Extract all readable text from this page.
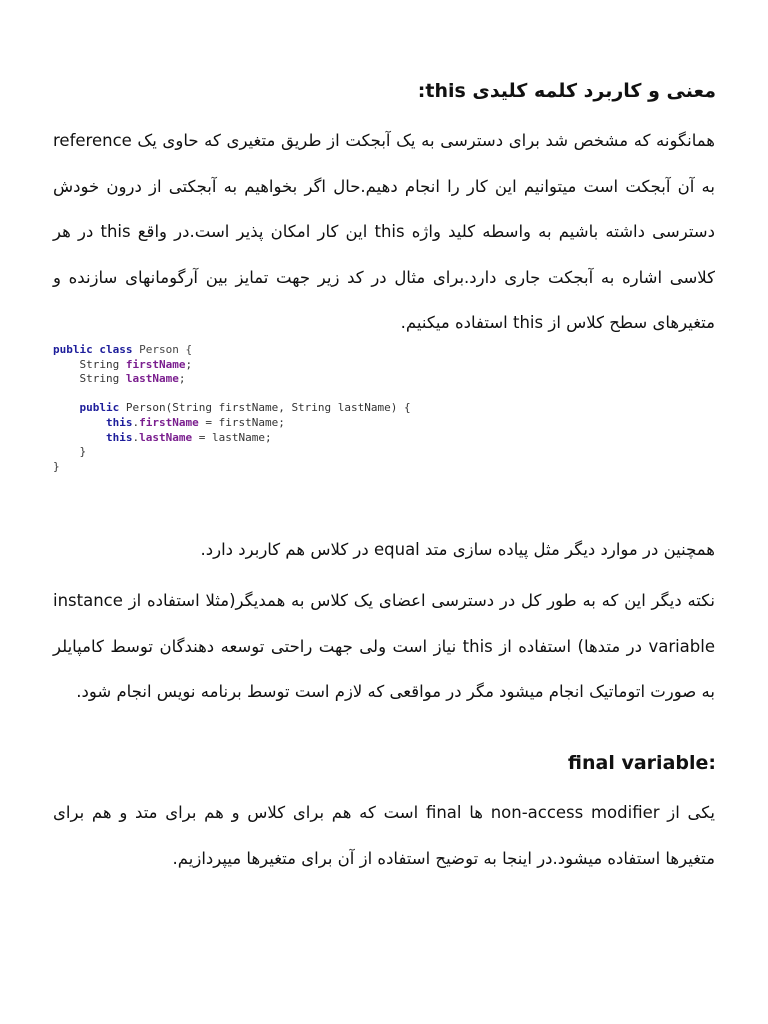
معنی و کاربرد کلمه کلیدی this:

همانگونه که مشخص شد برای دسترسی به یک آبجکت از طریق متغیری که حاوی یک reference به آن آبجکت است میتوانیم این کار را انجام دهیم.حال اگر بخواهیم به آبجکتی از درون خودش دسترسی داشته باشیم به واسطه کلید واژه this این کار امکان پذیر است.در واقع this در هر کلاسی اشاره به آبجکت جاری دارد.برای مثال در کد زیر جهت تمایز بین آرگومانهای سازنده و متغیرهای سطح کلاس از this استفاده میکنیم.

public class Person {
String firstName;
String lastName;

public Person(String firstName, String lastName) {
this.firstName = firstName;
this.lastName = lastName;
}
}

همچنین در موارد دیگر مثل پیاده سازی متد equal در کلاس هم کاربرد دارد.

نکته دیگر این که به طور کل در دسترسی اعضای یک کلاس به همدیگر(مثلا استفاده از instance variable در متدها) استفاده از this نیاز است ولی جهت راحتی توسعه دهندگان توسط کامپایلر به صورت اتوماتیک انجام میشود مگر در مواقعی که لازم است توسط برنامه نویس انجام شود.

:final variable

یکی از non-access modifier ها final است که هم برای کلاس و هم برای متد و هم برای متغیرها استفاده میشود.در اینجا به توضیح استفاده از آن برای متغیرها میپردازیم.
